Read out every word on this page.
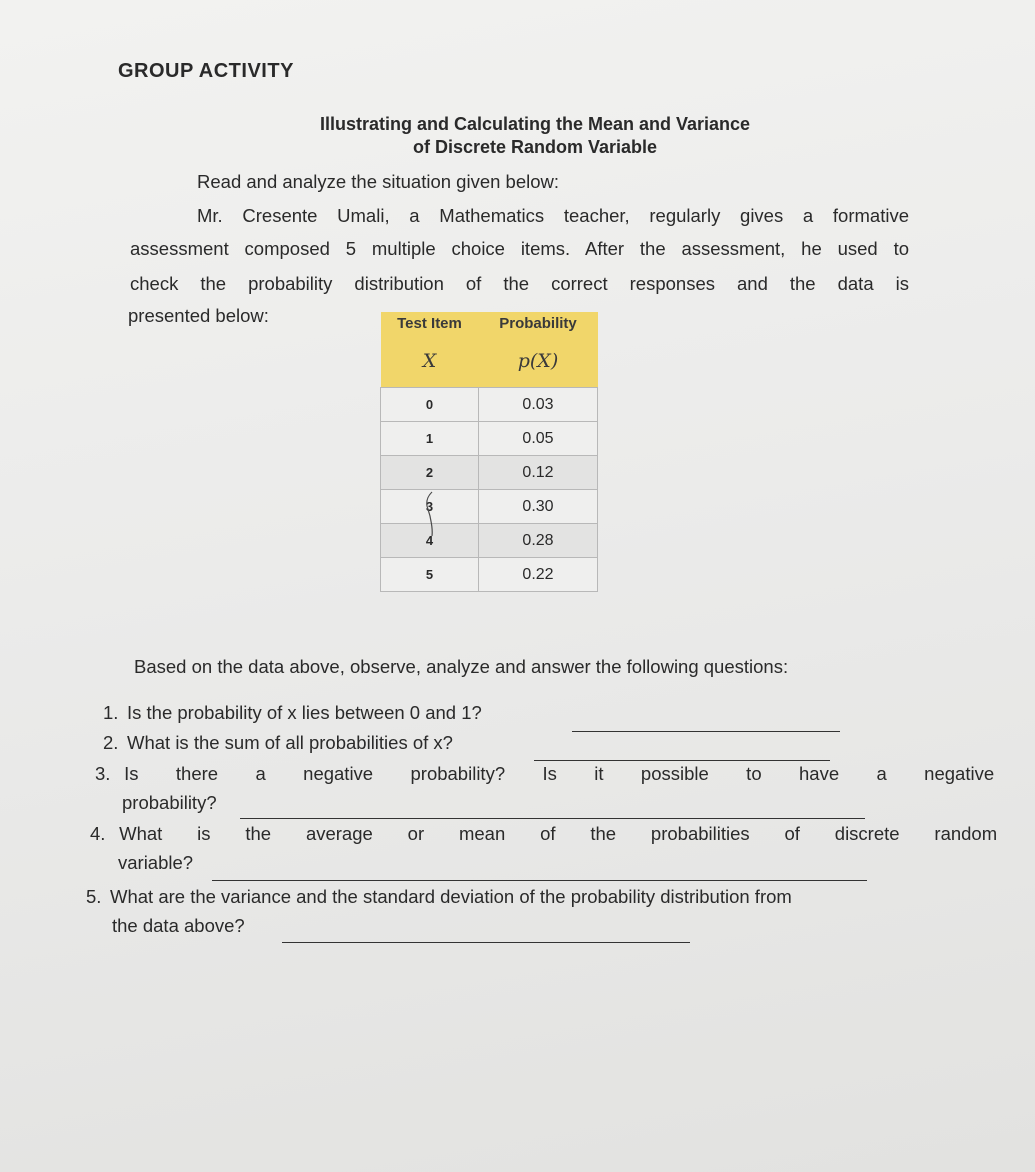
GROUP ACTIVITY
Illustrating and Calculating the Mean and Variance
of Discrete Random Variable
Read and analyze the situation given below:
Mr. Cresente Umali, a Mathematics teacher, regularly gives a formative
assessment composed 5 multiple choice items. After the assessment, he used to
check the probability distribution of the correct responses and the data is
presented below:	Test Item	Probability
X	p(X)
0	0.03
1	0.05
2	0.12
3	0.30
4	0.28
5	0.22
Based on the data above, observe, analyze and answer the following questions:
1. Is the probability of x lies between 0 and 1?
2. What is the sum of all probabilities of x?
3. Is there a negative probability? Is it possible to have a negative
probability?
4. What is the average or mean of the probabilities of discrete random
variable?
5. What are the variance and the standard deviation of the probability distribution from
the data above?
